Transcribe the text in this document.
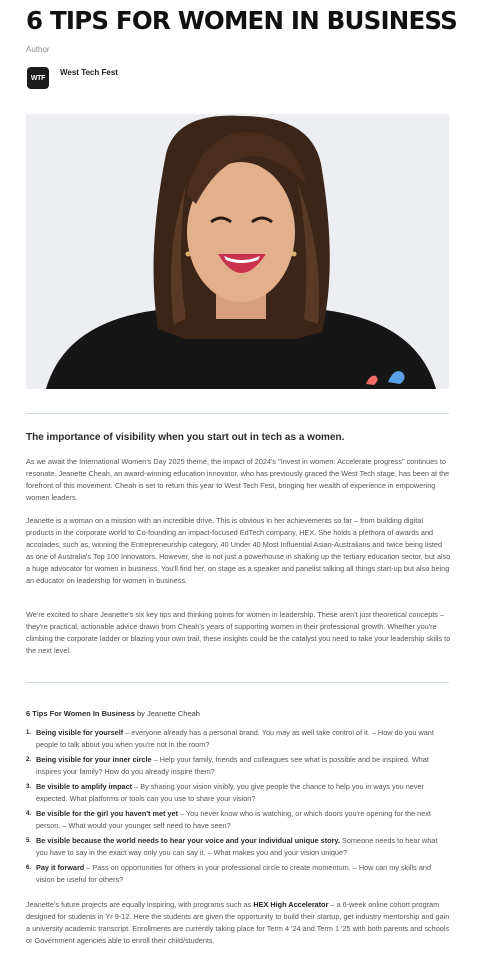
6 TIPS FOR WOMEN IN BUSINESS
Author
WTF
West Tech Fest
The importance of visibility when you start out in tech as a women.

As we await the International Women's Day 2025 theme, the impact of 2024's "Invest in women: Accelerate progress" continues to resonate. Jeanette Cheah, an award-winning education innovator, who has previously graced the West Tech stage, has been at the forefront of this movement. Cheah is set to return this year to West Tech Fest, bringing her wealth of experience in empowering women leaders.

Jeanette is a woman on a mission with an incredible drive. This is obvious in her achievements so far – from building digital products in the corporate world to Co-founding an impact-focused EdTech company, HEX. She holds a plethora of awards and accolades, such as, winning the Entrepreneurship category, 40 Under 40 Most Influential Asian-Australians and twice being listed as one of Australia's Top 100 Innovators. However, she is not just a powerhouse in shaking up the tertiary education sector, but also a huge advocator for women in business. You'll find her, on stage as a speaker and panelist talking all things start-up but also being an educator on leadership for women in business.

We're excited to share Jeanette's six key tips and thinking points for women in leadership. These aren't just theoretical concepts – they're practical, actionable advice drawn from Cheah's years of supporting women in their professional growth. Whether you're climbing the corporate ladder or blazing your own trail, these insights could be the catalyst you need to take your leadership skills to the next level.

6 Tips For Women In Business by Jeanette Cheah

1. Being visible for yourself – everyone already has a personal brand. You may as well take control of it. – How do you want people to talk about you when you're not in the room?
2. Being visible for your inner circle – Help your family, friends and colleagues see what is possible and be inspired. What inspires your family? How do you already inspire them?
3. Be visible to amplify impact – By sharing your vision visibly, you give people the chance to help you in ways you never expected. What platforms or tools can you use to share your vision?
4. Be visible for the girl you haven't met yet – You never know who is watching, or which doors you're opening for the next person. – What would your younger self need to have seen?
5. Be visible because the world needs to hear your voice and your individual unique story. Someone needs to hear what you have to say in the exact way only you can say it. – What makes you and your vision unique?
6. Pay it forward – Pass on opportunities for others in your professional circle to create momentum. – How can my skills and vision be useful for others?

Jeanette's future projects are equally inspiring, with programs such as HEX High Accelerator – a 6-week online cohort program designed for students in Yr 9-12. Here the students are given the opportunity to build their startup, get industry mentorship and gain a university academic transcript. Enrollments are currently taking place for Term 4 '24 and Term 1 '25 with both parents and schools or Government agencies able to enroll their child/students.
